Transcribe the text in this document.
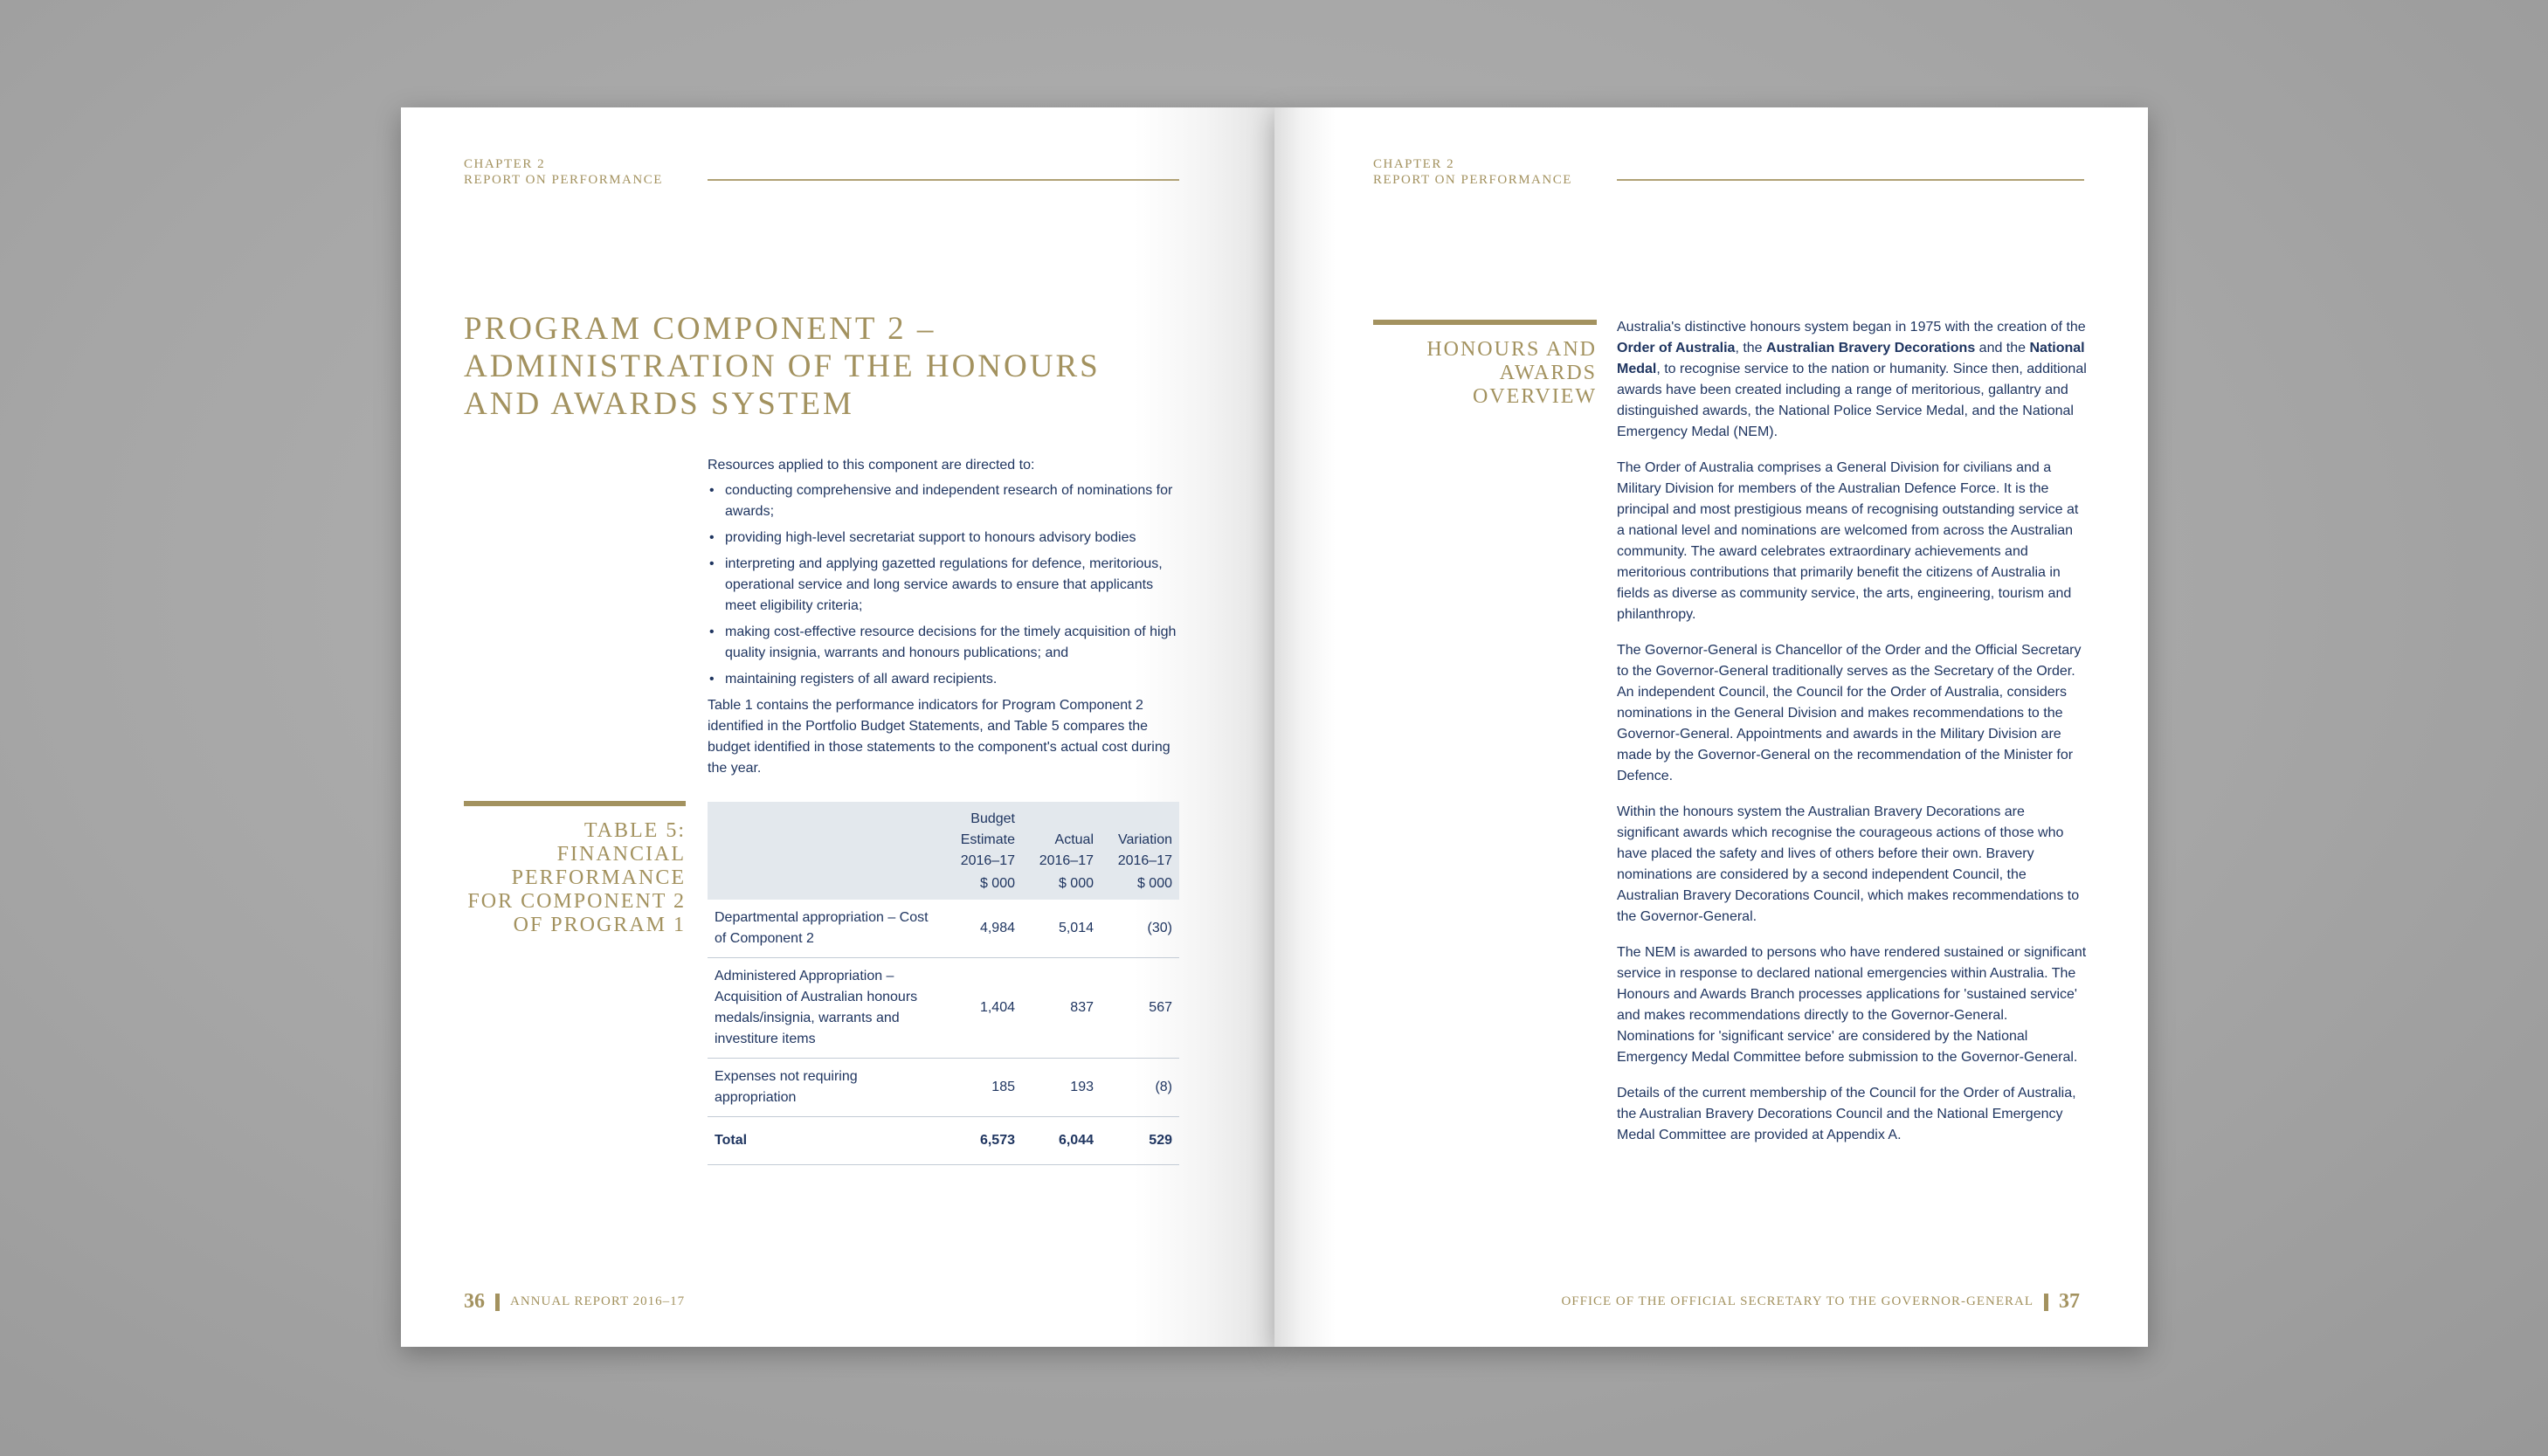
CHAPTER 2
REPORT ON PERFORMANCE
PROGRAM COMPONENT 2 – ADMINISTRATION OF THE HONOURS AND AWARDS SYSTEM

Resources applied to this component are directed to:

• conducting comprehensive and independent research of nominations for awards;
• providing high-level secretariat support to honours advisory bodies
• interpreting and applying gazetted regulations for defence, meritorious, operational service and long service awards to ensure that applicants meet eligibility criteria;
• making cost-effective resource decisions for the timely acquisition of high quality insignia, warrants and honours publications; and
• maintaining registers of all award recipients.

Table 1 contains the performance indicators for Program Component 2 identified in the Portfolio Budget Statements, and Table 5 compares the budget identified in those statements to the component's actual cost during the year.

TABLE 5: FINANCIAL PERFORMANCE FOR COMPONENT 2 OF PROGRAM 1
	Budget Estimate 2016–17	Actual 2016–17	Variation 2016–17
	$ 000	$ 000	$ 000
Departmental appropriation – Cost of Component 2	4,984	5,014	(30)
Administered Appropriation – Acquisition of Australian honours medals/insignia, warrants and investiture items	1,404	837	567
Expenses not requiring appropriation	185	193	(8)
Total	6,573	6,044	529
36 ANNUAL REPORT 2016–17
CHAPTER 2
REPORT ON PERFORMANCE
HONOURS AND AWARDS OVERVIEW

Australia's distinctive honours system began in 1975 with the creation of the Order of Australia, the Australian Bravery Decorations and the National Medal, to recognise service to the nation or humanity. Since then, additional awards have been created including a range of meritorious, gallantry and distinguished awards, the National Police Service Medal, and the National Emergency Medal (NEM).

The Order of Australia comprises a General Division for civilians and a Military Division for members of the Australian Defence Force. It is the principal and most prestigious means of recognising outstanding service at a national level and nominations are welcomed from across the Australian community. The award celebrates extraordinary achievements and meritorious contributions that primarily benefit the citizens of Australia in fields as diverse as community service, the arts, engineering, tourism and philanthropy.

The Governor-General is Chancellor of the Order and the Official Secretary to the Governor-General traditionally serves as the Secretary of the Order. An independent Council, the Council for the Order of Australia, considers nominations in the General Division and makes recommendations to the Governor-General. Appointments and awards in the Military Division are made by the Governor-General on the recommendation of the Minister for Defence.

Within the honours system the Australian Bravery Decorations are significant awards which recognise the courageous actions of those who have placed the safety and lives of others before their own. Bravery nominations are considered by a second independent Council, the Australian Bravery Decorations Council, which makes recommendations to the Governor-General.

The NEM is awarded to persons who have rendered sustained or significant service in response to declared national emergencies within Australia. The Honours and Awards Branch processes applications for 'sustained service' and makes recommendations directly to the Governor-General. Nominations for 'significant service' are considered by the National Emergency Medal Committee before submission to the Governor-General.

Details of the current membership of the Council for the Order of Australia, the Australian Bravery Decorations Council and the National Emergency Medal Committee are provided at Appendix A.

OFFICE OF THE OFFICIAL SECRETARY TO THE GOVERNOR-GENERAL 37
